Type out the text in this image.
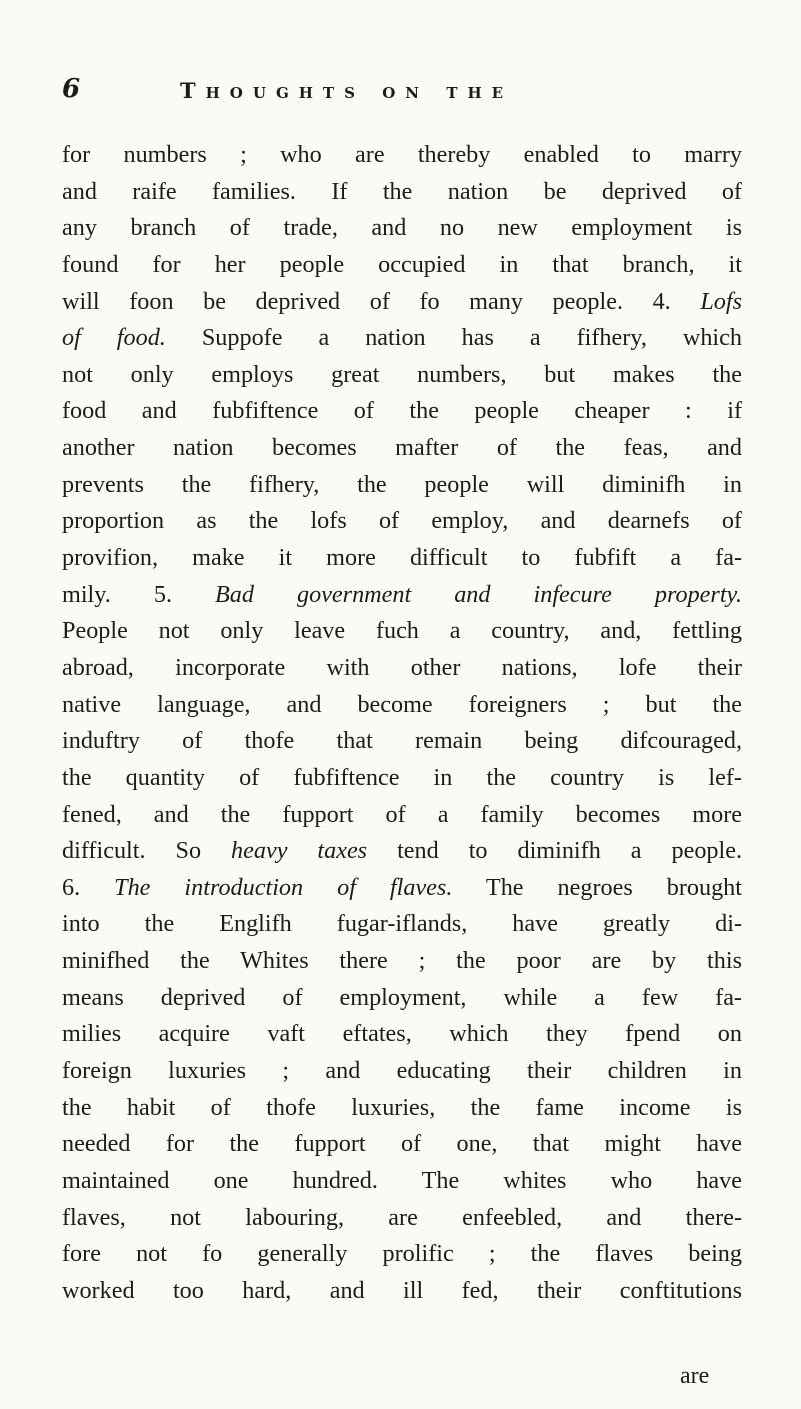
6	Thoughts on the
for numbers ; who are thereby enabled to marry
and raife families. If the nation be deprived of
any branch of trade, and no new employment is
found for her people occupied in that branch, it
will foon be deprived of fo many people. 4. Lofs
of food. Suppofe a nation has a fifhery, which
not only employs great numbers, but makes the
food and fubfiftence of the people cheaper : if
another nation becomes mafter of the feas, and
prevents the fifhery, the people will diminifh in
proportion as the lofs of employ, and dearnefs of
provifion, make it more difficult to fubfift a fa-
mily. 5. Bad government and infecure property.
People not only leave fuch a country, and, fettling
abroad, incorporate with other nations, lofe their
native language, and become foreigners ; but the
induftry of thofe that remain being difcouraged,
the quantity of fubfiftence in the country is lef-
fened, and the fupport of a family becomes more
difficult. So heavy taxes tend to diminifh a people.
6. The introduction of flaves. The negroes brought
into the Englifh fugar-iflands, have greatly di-
minifhed the Whites there ; the poor are by this
means deprived of employment, while a few fa-
milies acquire vaft eftates, which they fpend on
foreign luxuries ; and educating their children in
the habit of thofe luxuries, the fame income is
needed for the fupport of one, that might have
maintained one hundred. The whites who have
flaves, not labouring, are enfeebled, and there-
fore not fo generally prolific ; the flaves being
worked too hard, and ill fed, their conftitutions
are
